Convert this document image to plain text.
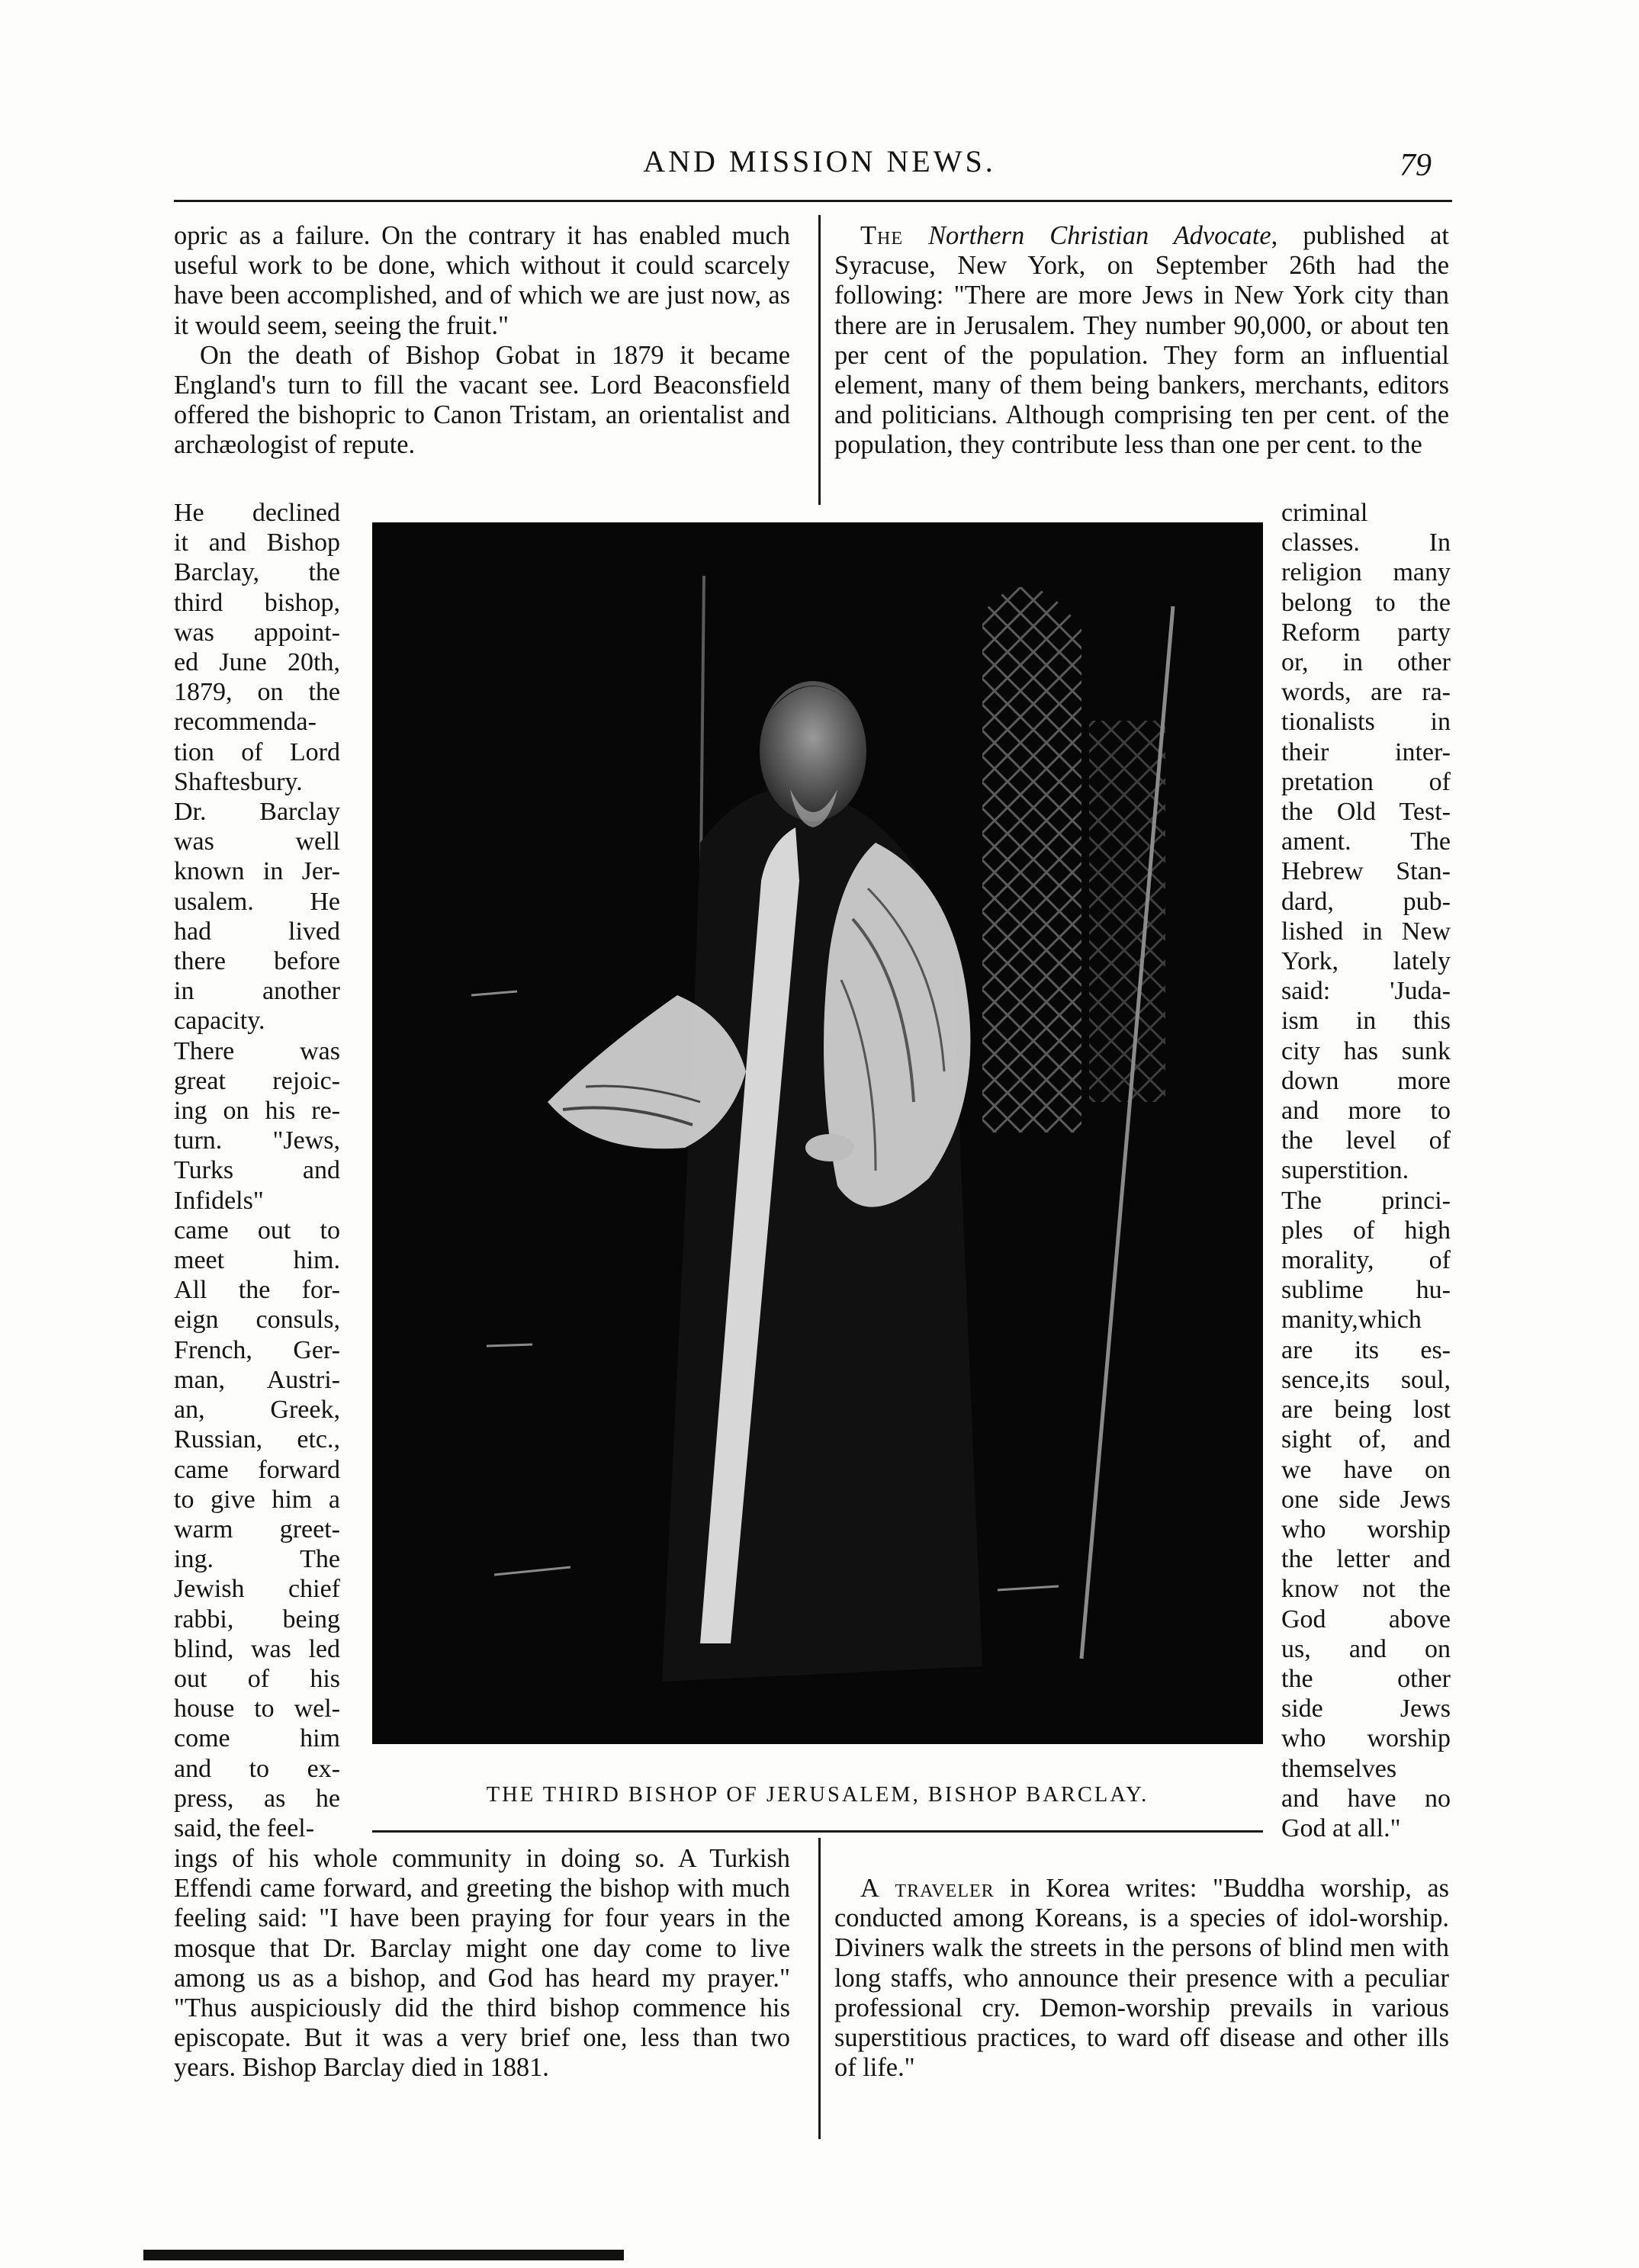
AND MISSION NEWS.	79

opric as a failure. On the contrary it has enabled much useful work to be done, which without it could scarcely have been accomplished, and of which we are just now, as it would seem, seeing the fruit."

On the death of Bishop Gobat in 1879 it became England's turn to fill the vacant see. Lord Beaconsfield offered the bishopric to Canon Tristam, an orientalist and archæologist of repute.

He declined
it and Bishop
Barclay, the
third bishop,
was appoint-
ed June 20th,
1879, on the
recommenda-
tion of Lord
Shaftesbury.
Dr. Barclay
was well
known in Jer-
usalem. He
had lived
there before
in another
capacity.
There was
great rejoic-
ing on his re-
turn. "Jews,
Turks and
Infidels"
came out to
meet him.
All the for-
eign consuls,
French, Ger-
man, Austri-
an, Greek,
Russian, etc.,
came forward
to give him a
warm greet-
ing. The
Jewish chief
rabbi, being
blind, was led
out of his
house to wel-
come him
and to ex-
press, as he
said, the feel-

ings of his whole community in doing so. A Turkish Effendi came forward, and greeting the bishop with much feeling said: "I have been praying for four years in the mosque that Dr. Barclay might one day come to live among us as a bishop, and God has heard my prayer." "Thus auspiciously did the third bishop commence his episcopate. But it was a very brief one, less than two years. Bishop Barclay died in 1881.

The Northern Christian Advocate, published at Syracuse, New York, on September 26th had the following: "There are more Jews in New York city than there are in Jerusalem. They number 90,000, or about ten per cent of the population. They form an influential element, many of them being bankers, merchants, editors and politicians. Although comprising ten per cent. of the population, they contribute less than one per cent. to the

criminal
classes. In
religion many
belong to the
Reform party
or, in other
words, are ra-
tionalists in
their inter-
pretation of
the Old Test-
ament. The
Hebrew Stan-
dard, pub-
lished in New
York, lately
said: 'Juda-
ism in this
city has sunk
down more
and more to
the level of
superstition.
The princi-
ples of high
morality, of
sublime hu-
manity,which
are its es-
sence,its soul,
are being lost
sight of, and
we have on
one side Jews
who worship
the letter and
know not the
God above
us, and on
the other
side Jews
who worship
themselves
and have no
God at all."

A traveler in Korea writes: "Buddha worship, as conducted among Koreans, is a species of idol-worship. Diviners walk the streets in the persons of blind men with long staffs, who announce their presence with a peculiar professional cry. Demon-worship prevails in various superstitious practices, to ward off disease and other ills of life."

THE THIRD BISHOP OF JERUSALEM, BISHOP BARCLAY.
